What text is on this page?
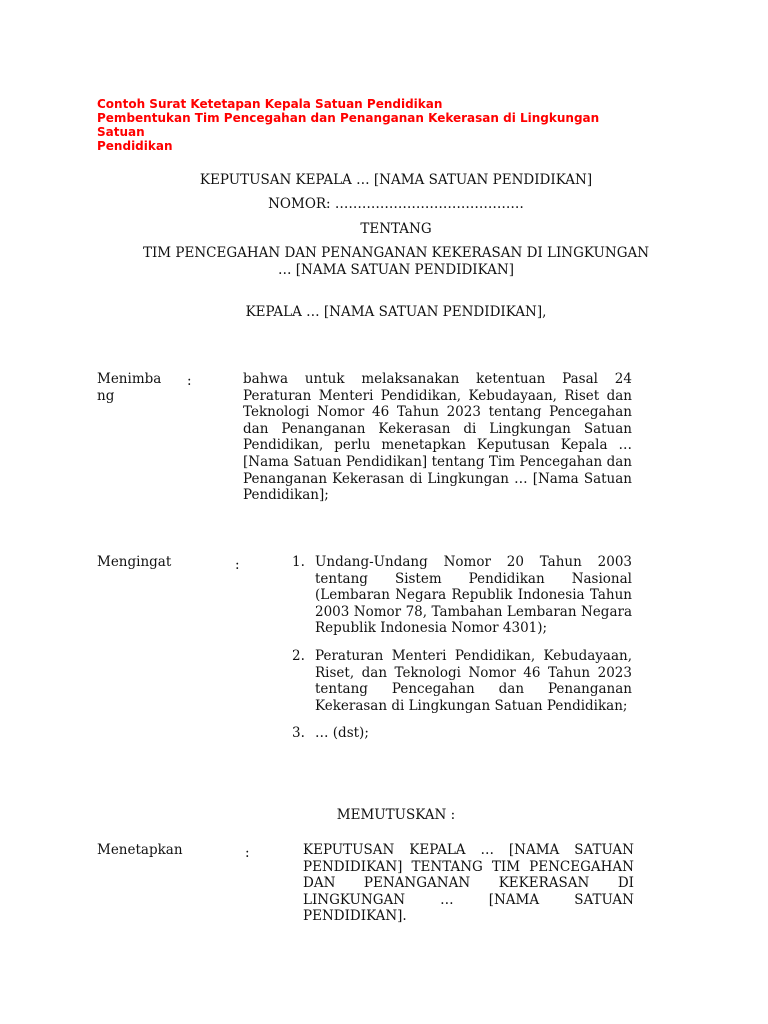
Contoh Surat Ketetapan Kepala Satuan Pendidikan
Pembentukan Tim Pencegahan dan Penanganan Kekerasan di Lingkungan Satuan
Pendidikan
KEPUTUSAN KEPALA … [NAMA SATUAN PENDIDIKAN]
NOMOR: ……………………………………
TENTANG
TIM PENCEGAHAN DAN PENANGANAN KEKERASAN DI LINGKUNGAN
… [NAMA SATUAN PENDIDIKAN]
KEPALA … [NAMA SATUAN PENDIDIKAN],
Menimba
ng
:	bahwa untuk melaksanakan ketentuan Pasal 24 Peraturan Menteri Pendidikan, Kebudayaan, Riset dan Teknologi Nomor 46 Tahun 2023 tentang Pencegahan dan Penanganan Kekerasan di Lingkungan Satuan Pendidikan, perlu menetapkan Keputusan Kepala … [Nama Satuan Pendidikan] tentang Tim Pencegahan dan Penanganan Kekerasan di Lingkungan … [Nama Satuan Pendidikan];

Mengingat	:	1. Undang-Undang Nomor 20 Tahun 2003 tentang Sistem Pendidikan Nasional (Lembaran Negara Republik Indonesia Tahun 2003 Nomor 78, Tambahan Lembaran Negara Republik Indonesia Nomor 4301);
2. Peraturan Menteri Pendidikan, Kebudayaan, Riset, dan Teknologi Nomor 46 Tahun 2023 tentang Pencegahan dan Penanganan Kekerasan di Lingkungan Satuan Pendidikan;
3. … (dst);
MEMUTUSKAN :
Menetapkan	:	KEPUTUSAN KEPALA … [NAMA SATUAN PENDIDIKAN] TENTANG TIM PENCEGAHAN DAN PENANGANAN KEKERASAN DI LINGKUNGAN … [NAMA SATUAN PENDIDIKAN].
